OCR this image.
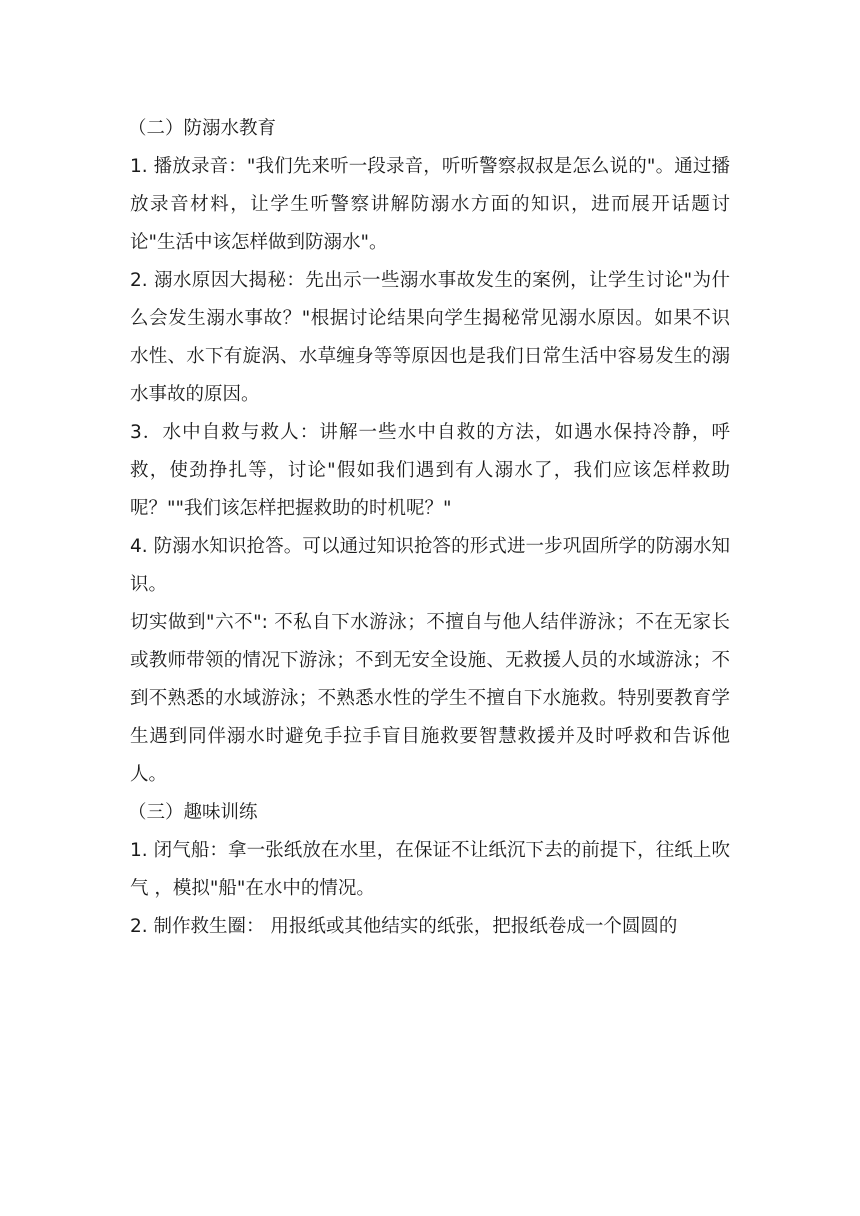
（二）防溺水教育

1. 播放录音："我们先来听一段录音，听听警察叔叔是怎么说的"。通过播放录音材料，让学生听警察讲解防溺水方面的知识，进而展开话题讨论"生活中该怎样做到防溺水"。

2. 溺水原因大揭秘：先出示一些溺水事故发生的案例，让学生讨论"为什么会发生溺水事故？"根据讨论结果向学生揭秘常见溺水原因。如果不识水性、水下有旋涡、水草缠身等等原因也是我们日常生活中容易发生的溺水事故的原因。

3．水中自救与救人：讲解一些水中自救的方法，如遇水保持冷静，呼救，使劲挣扎等，讨论"假如我们遇到有人溺水了，我们应该怎样救助呢？""我们该怎样把握救助的时机呢？"

4. 防溺水知识抢答。可以通过知识抢答的形式进一步巩固所学的防溺水知识。

切实做到"六不": 不私自下水游泳；不擅自与他人结伴游泳；不在无家长或教师带领的情况下游泳；不到无安全设施、无救援人员的水域游泳；不到不熟悉的水域游泳；不熟悉水性的学生不擅自下水施救。特别要教育学生遇到同伴溺水时避免手拉手盲目施救要智慧救援并及时呼救和告诉他人。

（三）趣味训练

1. 闭气船：拿一张纸放在水里，在保证不让纸沉下去的前提下，往纸上吹气 ，模拟"船"在水中的情况。

2. 制作救生圈： 用报纸或其他结实的纸张，把报纸卷成一个圆圆的
